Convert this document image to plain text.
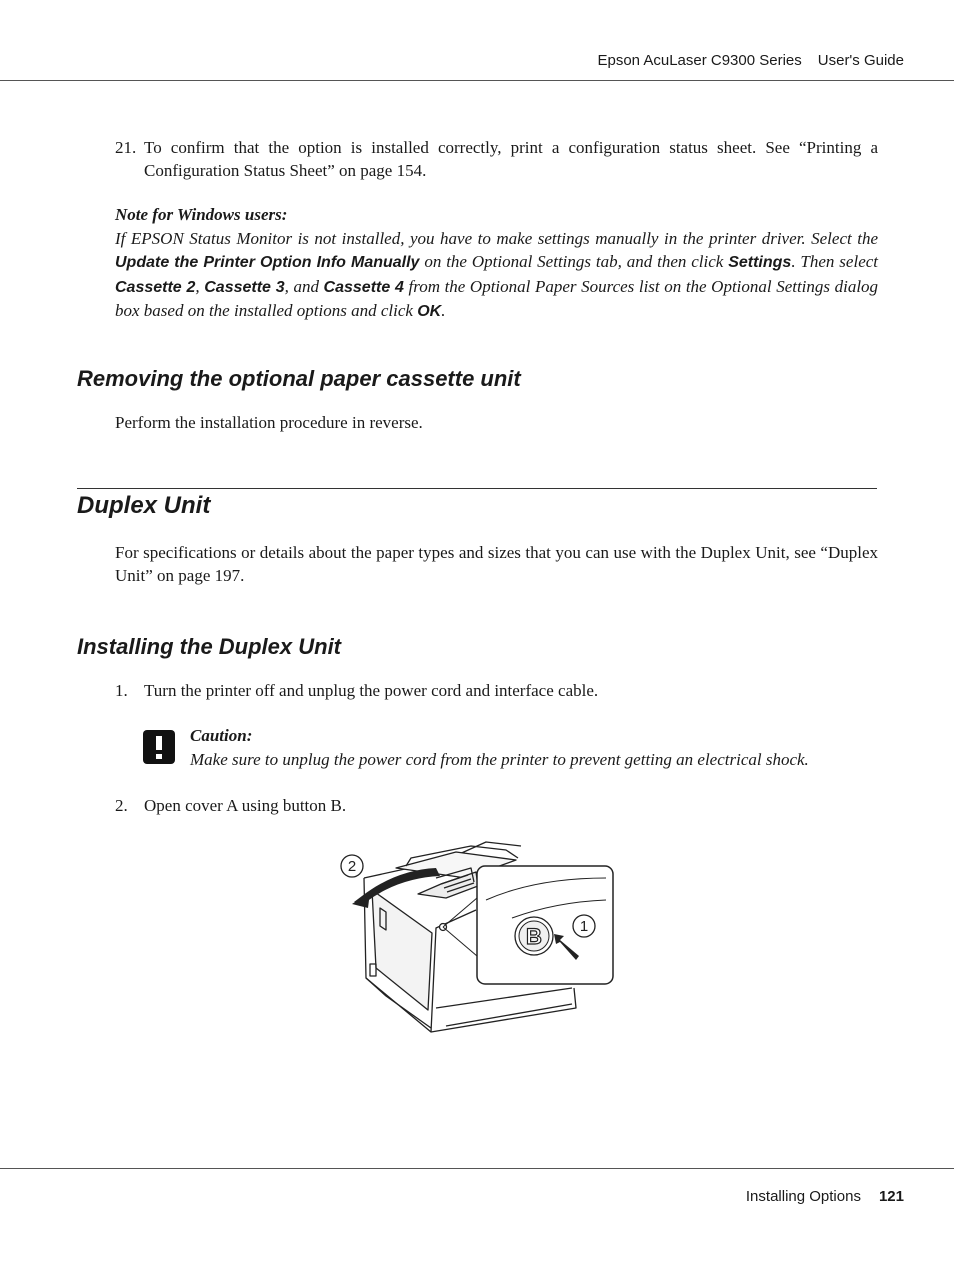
Epson AcuLaser C9300 Series User's Guide
21. To confirm that the option is installed correctly, print a configuration status sheet. See “Printing a Configuration Status Sheet” on page 154.
Note for Windows users:
If EPSON Status Monitor is not installed, you have to make settings manually in the printer driver. Select the Update the Printer Option Info Manually on the Optional Settings tab, and then click Settings. Then select Cassette 2, Cassette 3, and Cassette 4 from the Optional Paper Sources list on the Optional Settings dialog box based on the installed options and click OK.
Removing the optional paper cassette unit
Perform the installation procedure in reverse.
Duplex Unit
For specifications or details about the paper types and sizes that you can use with the Duplex Unit, see “Duplex Unit” on page 197.
Installing the Duplex Unit
1. Turn the printer off and unplug the power cord and interface cable.
Caution:
Make sure to unplug the power cord from the printer to prevent getting an electrical shock.
2. Open cover A using button B.
2
B	1
Installing Options 121
